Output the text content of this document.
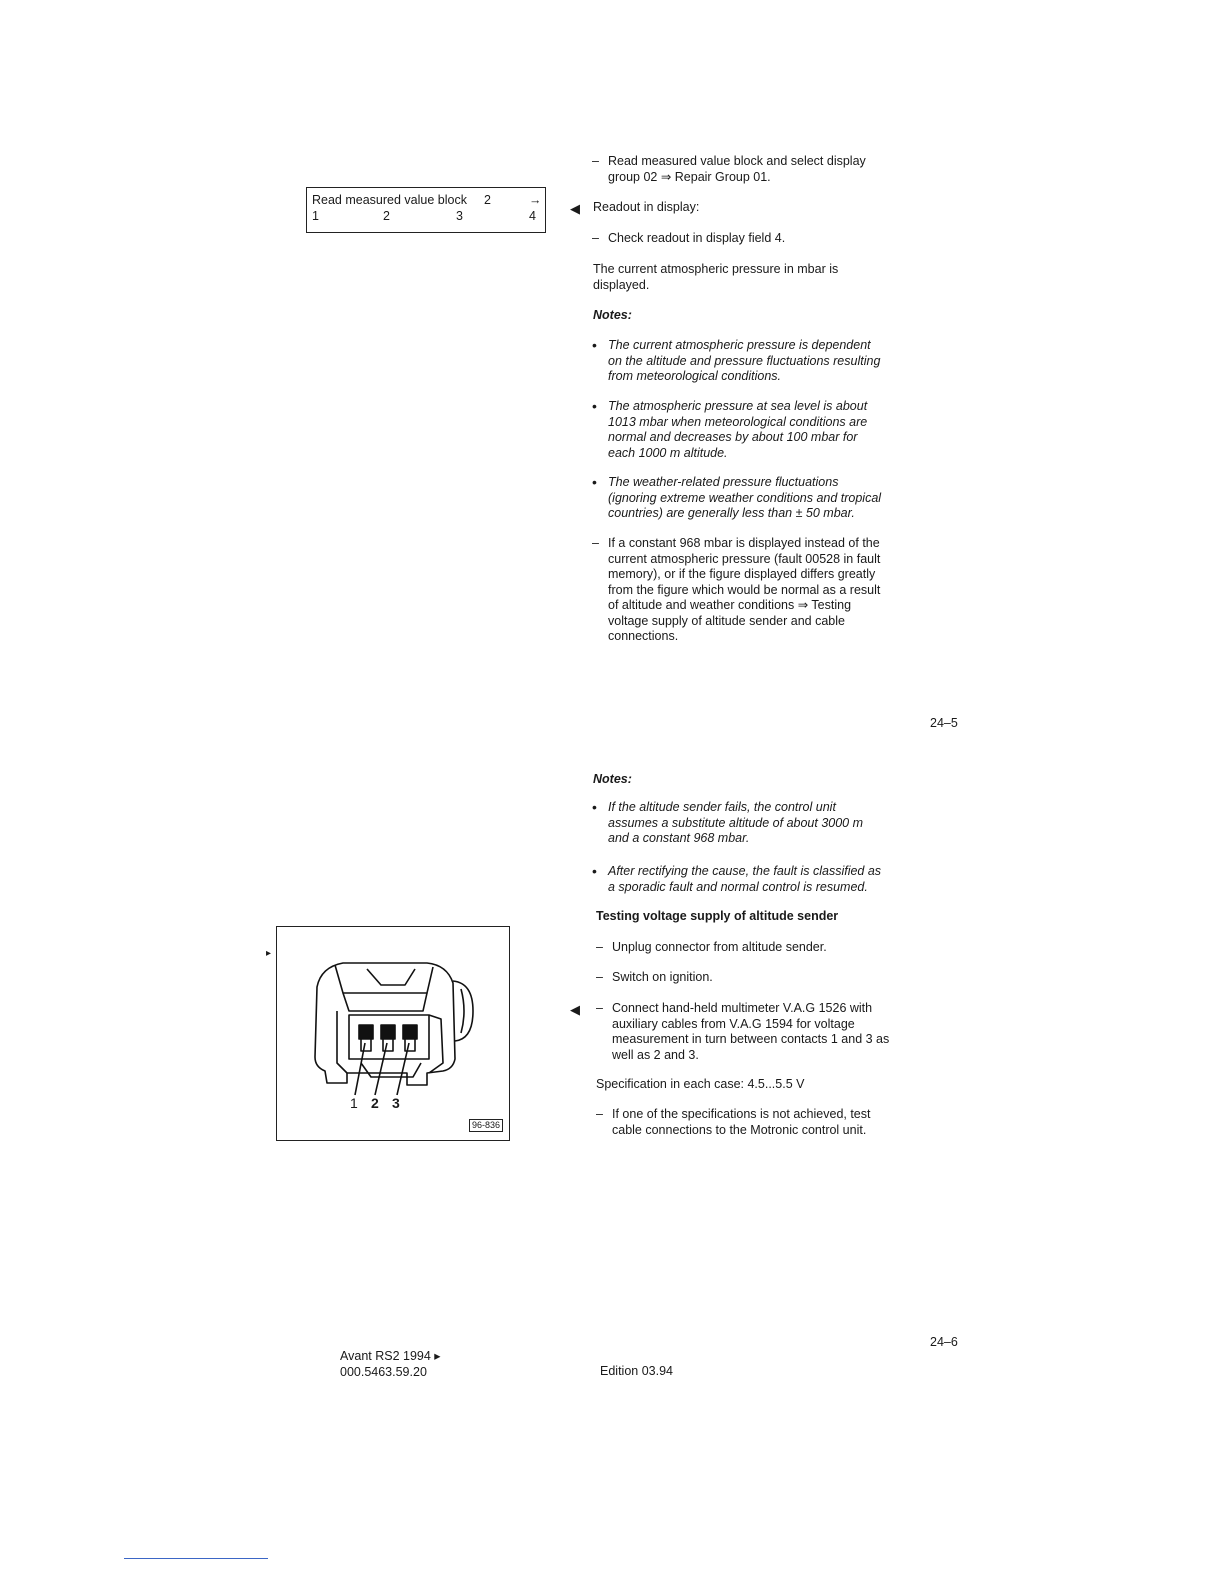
Read measured value block 2	→
1	2	3	4
– Read measured value block and select display group 02 ⇒ Repair Group 01.
◀ Readout in display:
– Check readout in display field 4.
The current atmospheric pressure in mbar is displayed.
Notes:
• The current atmospheric pressure is dependent on the altitude and pressure fluctuations resulting from meteorological conditions.
• The atmospheric pressure at sea level is about 1013 mbar when meteorological conditions are normal and decreases by about 100 mbar for each 1000 m altitude.
• The weather-related pressure fluctuations (ignoring extreme weather conditions and tropical countries) are generally less than ± 50 mbar.
– If a constant 968 mbar is displayed instead of the current atmospheric pressure (fault 00528 in fault memory), or if the figure displayed differs greatly from the figure which would be normal as a result of altitude and weather conditions ⇒ Testing voltage supply of altitude sender and cable connections.
24–5
Notes:
• If the altitude sender fails, the control unit assumes a substitute altitude of about 3000 m and a constant 968 mbar.
• After rectifying the cause, the fault is classified as a sporadic fault and normal control is resumed.
Testing voltage supply of altitude sender
– Unplug connector from altitude sender.
– Switch on ignition.
◀
–	Connect hand-held multimeter V.A.G 1526 with auxiliary cables from V.A.G 1594 for voltage measurement in turn between contacts 1 and 3 as well as 2 and 3.
Specification in each case: 4.5...5.5 V
– If one of the specifications is not achieved, test cable connections to the Motronic control unit.
24–6
▸
1 2 3
96-836
Avant RS2 1994 ▸
000.5463.59.20	Edition 03.94
